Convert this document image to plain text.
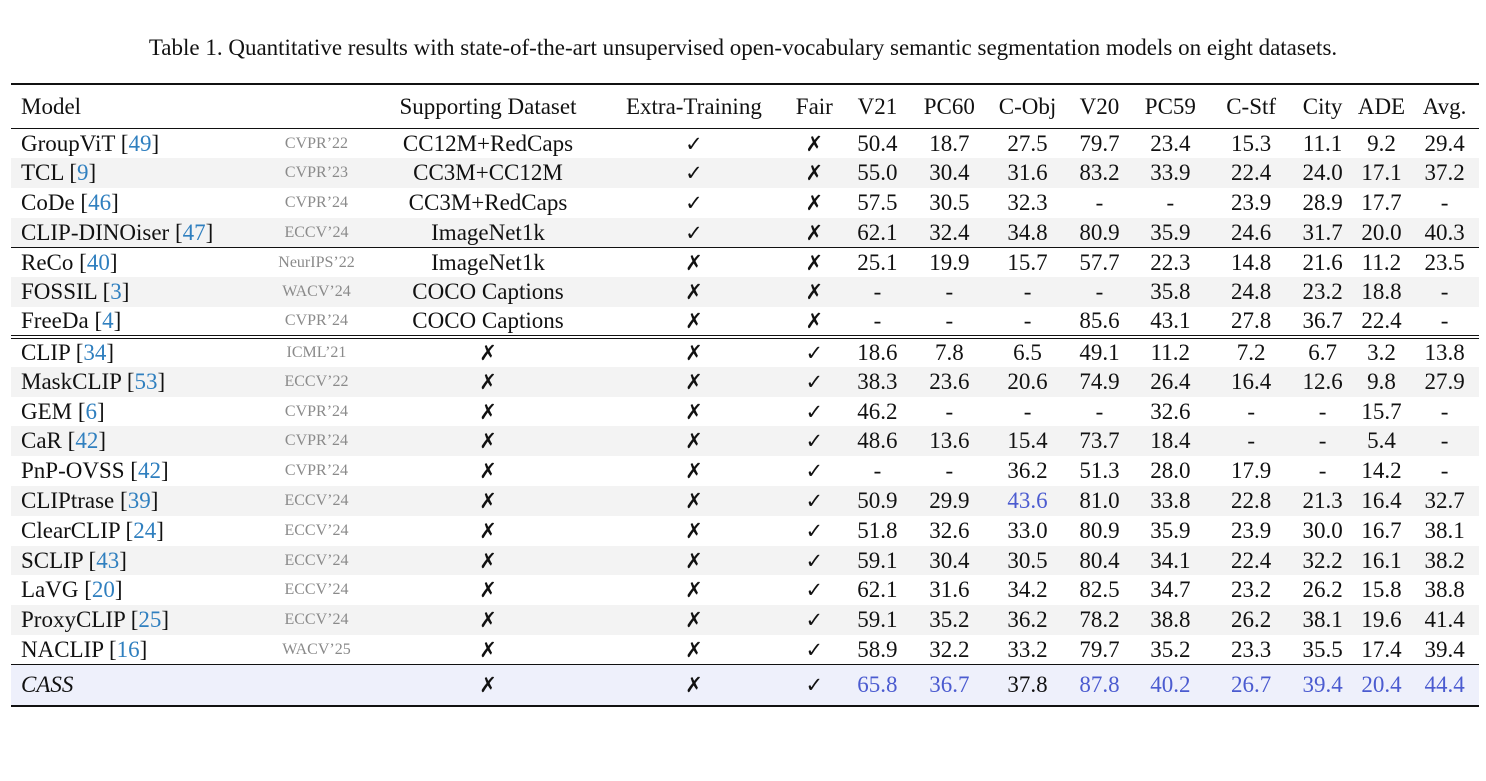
Table 1. Quantitative results with state-of-the-art unsupervised open-vocabulary semantic segmentation models on eight datasets.
Model		Supporting Dataset	Extra-Training	Fair	V21	PC60	C-Obj	V20	PC59	C-Stf	City	ADE	Avg.
GroupViT [49]	CVPR’22	CC12M+RedCaps	✓	✗	50.4	18.7	27.5	79.7	23.4	15.3	11.1	9.2	29.4
TCL [9]	CVPR’23	CC3M+CC12M	✓	✗	55.0	30.4	31.6	83.2	33.9	22.4	24.0	17.1	37.2
CoDe [46]	CVPR’24	CC3M+RedCaps	✓	✗	57.5	30.5	32.3	-	-	23.9	28.9	17.7	-
CLIP-DINOiser [47]	ECCV’24	ImageNet1k	✓	✗	62.1	32.4	34.8	80.9	35.9	24.6	31.7	20.0	40.3
ReCo [40]	NeurIPS’22	ImageNet1k	✗	✗	25.1	19.9	15.7	57.7	22.3	14.8	21.6	11.2	23.5
FOSSIL [3]	WACV’24	COCO Captions	✗	✗	-	-	-	-	35.8	24.8	23.2	18.8	-
FreeDa [4]	CVPR’24	COCO Captions	✗	✗	-	-	-	85.6	43.1	27.8	36.7	22.4	-
CLIP [34]	ICML’21	✗	✗	✓	18.6	7.8	6.5	49.1	11.2	7.2	6.7	3.2	13.8
MaskCLIP [53]	ECCV’22	✗	✗	✓	38.3	23.6	20.6	74.9	26.4	16.4	12.6	9.8	27.9
GEM [6]	CVPR’24	✗	✗	✓	46.2	-	-	-	32.6	-	-	15.7	-
CaR [42]	CVPR’24	✗	✗	✓	48.6	13.6	15.4	73.7	18.4	-	-	5.4	-
PnP-OVSS [42]	CVPR’24	✗	✗	✓	-	-	36.2	51.3	28.0	17.9	-	14.2	-
CLIPtrase [39]	ECCV’24	✗	✗	✓	50.9	29.9	43.6	81.0	33.8	22.8	21.3	16.4	32.7
ClearCLIP [24]	ECCV’24	✗	✗	✓	51.8	32.6	33.0	80.9	35.9	23.9	30.0	16.7	38.1
SCLIP [43]	ECCV’24	✗	✗	✓	59.1	30.4	30.5	80.4	34.1	22.4	32.2	16.1	38.2
LaVG [20]	ECCV’24	✗	✗	✓	62.1	31.6	34.2	82.5	34.7	23.2	26.2	15.8	38.8
ProxyCLIP [25]	ECCV’24	✗	✗	✓	59.1	35.2	36.2	78.2	38.8	26.2	38.1	19.6	41.4
NACLIP [16]	WACV’25	✗	✗	✓	58.9	32.2	33.2	79.7	35.2	23.3	35.5	17.4	39.4
CASS		✗	✗	✓	65.8	36.7	37.8	87.8	40.2	26.7	39.4	20.4	44.4
